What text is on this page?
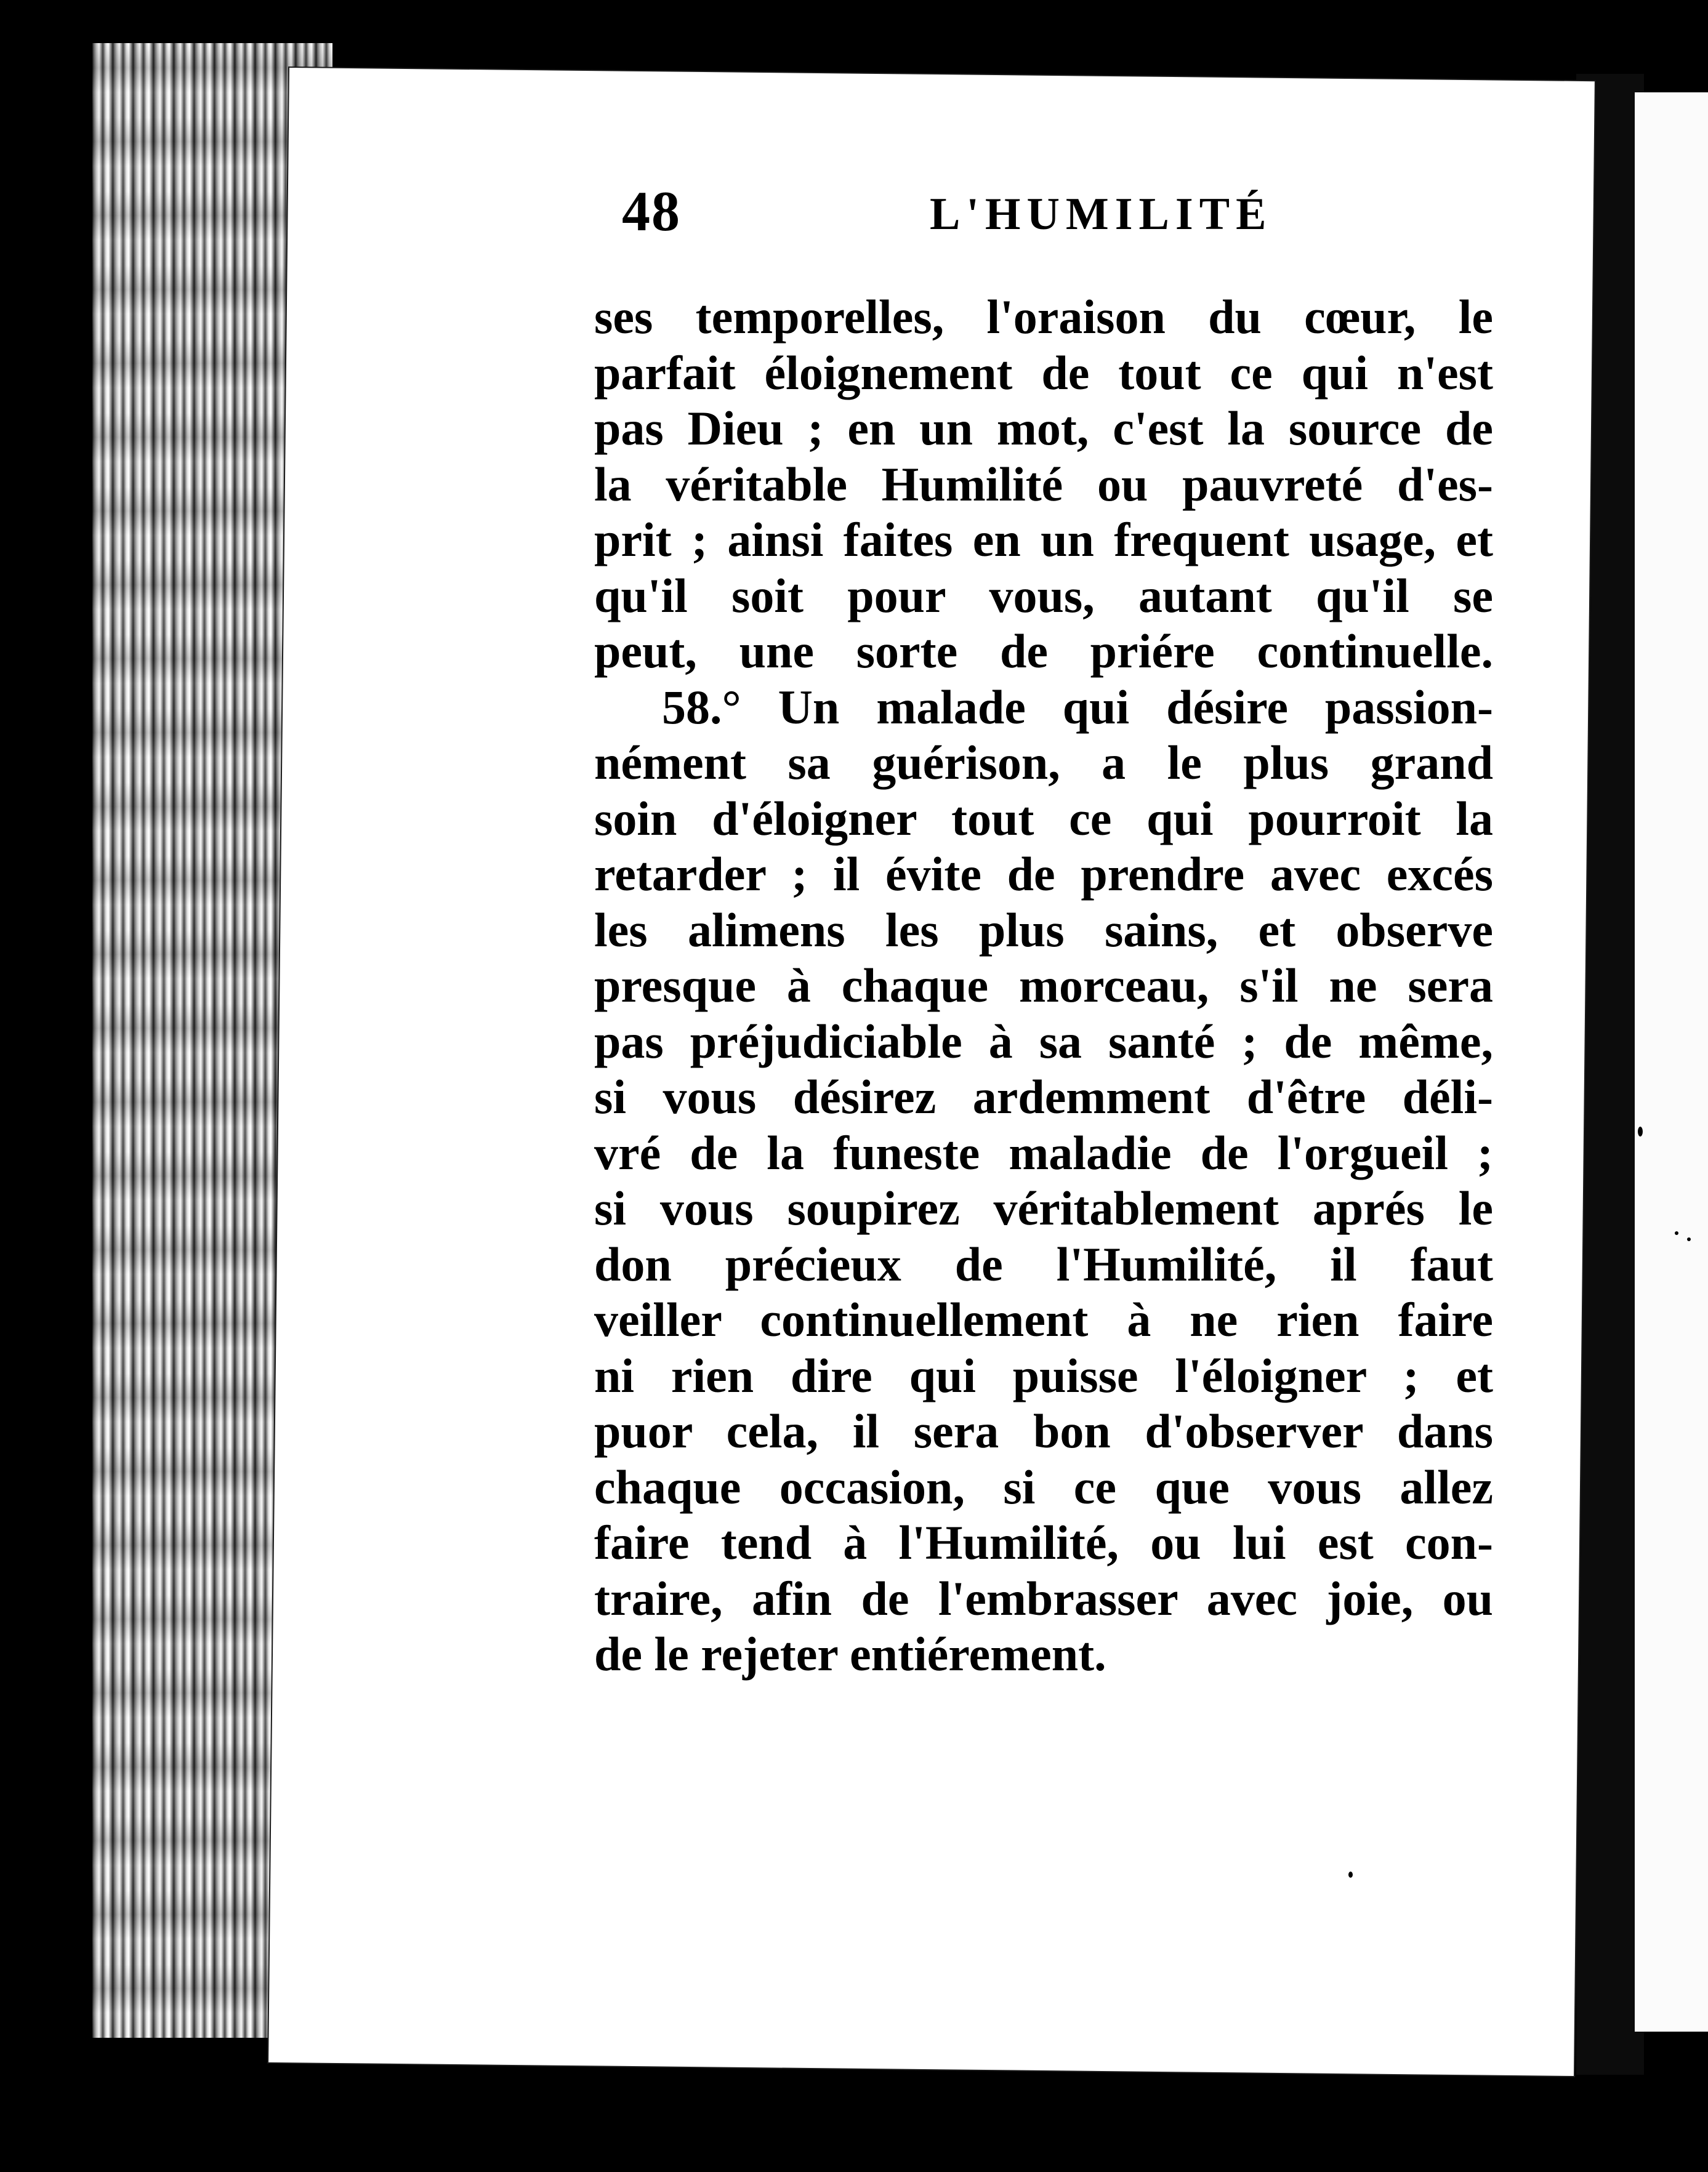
48	L'HUMILITÉ
ses temporelles, l'oraison du cœur, le
parfait éloignement de tout ce qui n'est
pas Dieu ; en un mot, c'est la source de
la véritable Humilité ou pauvreté d'es-
prit ; ainsi faites en un frequent usage, et
qu'il soit pour vous, autant qu'il se
peut, une sorte de priére continuelle.
58.° Un malade qui désire passion-
nément sa guérison, a le plus grand
soin d'éloigner tout ce qui pourroit la
retarder ; il évite de prendre avec excés
les alimens les plus sains, et observe
presque à chaque morceau, s'il ne sera
pas préjudiciable à sa santé ; de même,
si vous désirez ardemment d'être déli-
vré de la funeste maladie de l'orgueil ;
si vous soupirez véritablement aprés le
don précieux de l'Humilité, il faut
veiller continuellement à ne rien faire
ni rien dire qui puisse l'éloigner ; et
puor cela, il sera bon d'observer dans
chaque occasion, si ce que vous allez
faire tend à l'Humilité, ou lui est con-
traire, afin de l'embrasser avec joie, ou
de le rejeter entiérement.
